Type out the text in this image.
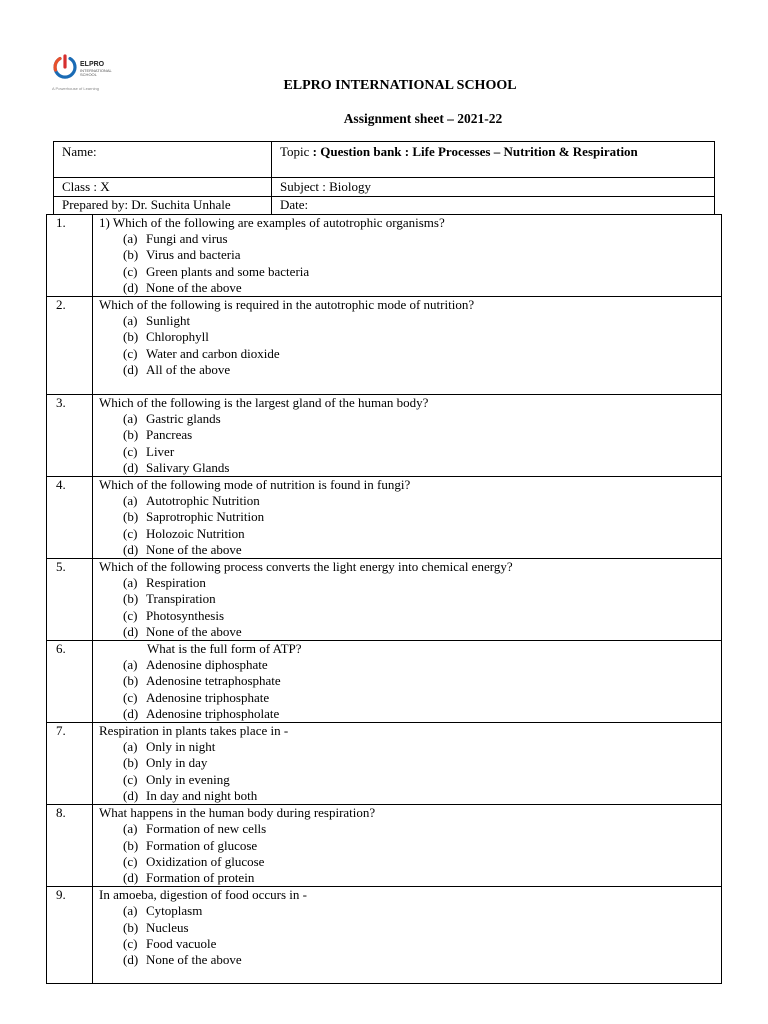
ELPRO
INTERNATIONAL SCHOOL
A Powerhouse of Learning	ELPRO INTERNATIONAL SCHOOL
Assignment sheet – 2021-22
Name:	Topic : Question bank : Life Processes – Nutrition & Respiration
Class : X	Subject : Biology
Prepared by: Dr. Suchita Unhale	Date:
1.	1) Which of the following are examples of autotrophic organisms?
(a) Fungi and virus
(b) Virus and bacteria
(c) Green plants and some bacteria
(d) None of the above

2.	Which of the following is required in the autotrophic mode of nutrition?
(a) Sunlight
(b) Chlorophyll
(c) Water and carbon dioxide
(d) All of the above

3.	Which of the following is the largest gland of the human body?
(a) Gastric glands
(b) Pancreas
(c) Liver
(d) Salivary Glands

4.	Which of the following mode of nutrition is found in fungi?
(a) Autotrophic Nutrition
(b) Saprotrophic Nutrition
(c) Holozoic Nutrition
(d) None of the above

5.	Which of the following process converts the light energy into chemical energy?
(a) Respiration
(b) Transpiration
(c) Photosynthesis
(d) None of the above

6.	What is the full form of ATP?
(a) Adenosine diphosphate
(b) Adenosine tetraphosphate
(c) Adenosine triphosphate
(d) Adenosine triphospholate

7.	Respiration in plants takes place in -
(a) Only in night
(b) Only in day
(c) Only in evening
(d) In day and night both

8.	What happens in the human body during respiration?
(a) Formation of new cells
(b) Formation of glucose
(c) Oxidization of glucose
(d) Formation of protein

9.	In amoeba, digestion of food occurs in -
(a) Cytoplasm
(b) Nucleus
(c) Food vacuole
(d) None of the above
